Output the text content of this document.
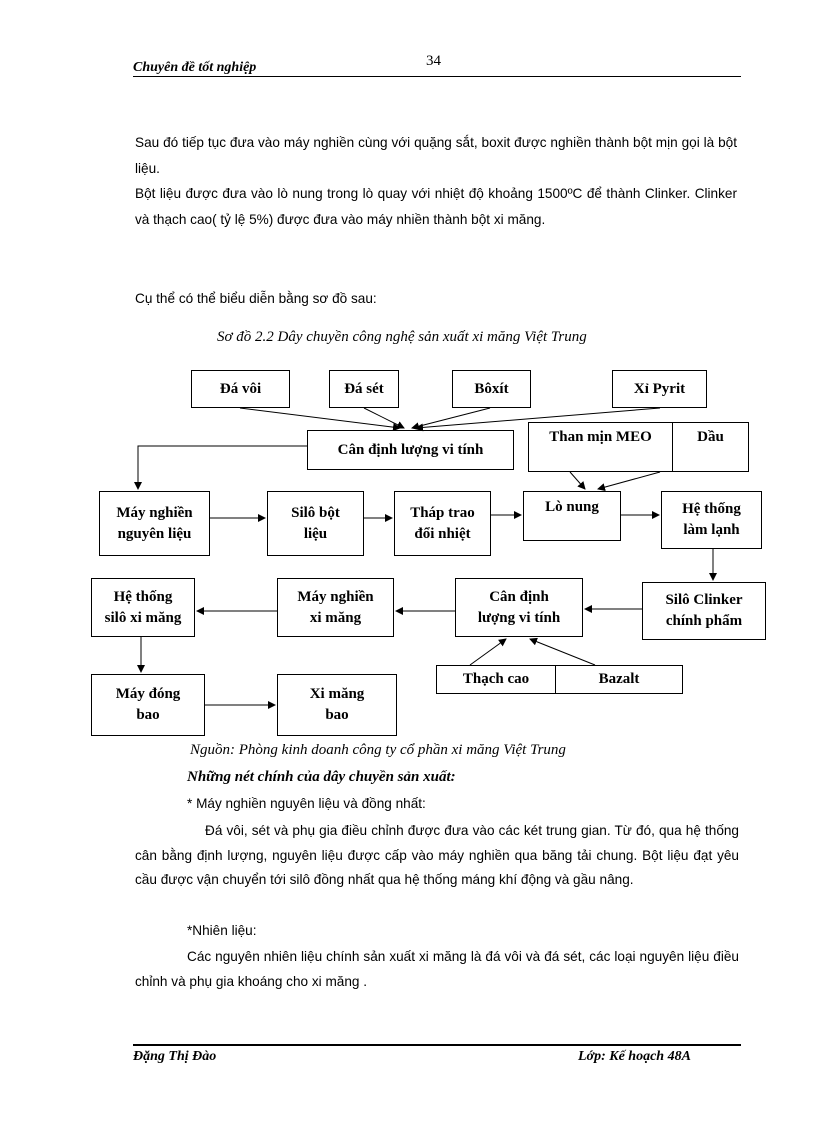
Chuyên đề tốt nghiệp	34
Sau đó tiếp tục đưa vào máy nghiền cùng với quặng sắt, boxit được nghiền thành bột mịn gọi là bột liệu.
Bột liệu được đưa vào lò nung trong lò quay với nhiệt độ khoảng 1500ºC để thành Clinker. Clinker và thạch cao( tỷ lệ 5%) được đưa vào máy nhiền thành bột xi măng.
Cụ thể có thể biểu diễn bằng sơ đồ sau:
Sơ đồ 2.2 Dây chuyền công nghệ sản xuất xi măng Việt Trung
Đá vôi	Đá sét	Bôxít	Xỉ Pyrit
Cân định lượng vi tính
Than mịn MEO	Dầu
Máy nghiền
nguyên liệu
Silô bột
liệu
Tháp trao
đổi nhiệt
Lò nung	Hệ thống
làm lạnh
Hệ thống
silô xi măng
Máy nghiền
xi măng
Cân định
lượng vi tính
Silô Clinker
chính phẩm
Thạch cao	Bazalt
Máy đóng
bao
Xi măng
bao
Nguồn: Phòng kinh doanh công ty cổ phần xi măng Việt Trung
Những nét chính của dây chuyền sản xuất:
* Máy nghiền nguyên liệu và đồng nhất:
Đá vôi, sét và phụ gia điều chỉnh được đưa vào các két trung gian. Từ đó, qua hệ thống cân bằng định lượng, nguyên liệu được cấp vào máy nghiền qua băng tải chung. Bột liệu đạt yêu cầu được vận chuyển tới silô đồng nhất qua hệ thống máng khí động và gầu nâng.
*Nhiên liệu:
Các nguyên nhiên liệu chính sản xuất xi măng là đá vôi và đá sét, các loại nguyên liệu điều chỉnh và phụ gia khoáng cho xi măng .
Đặng Thị Đào	Lớp: Kế hoạch 48A
